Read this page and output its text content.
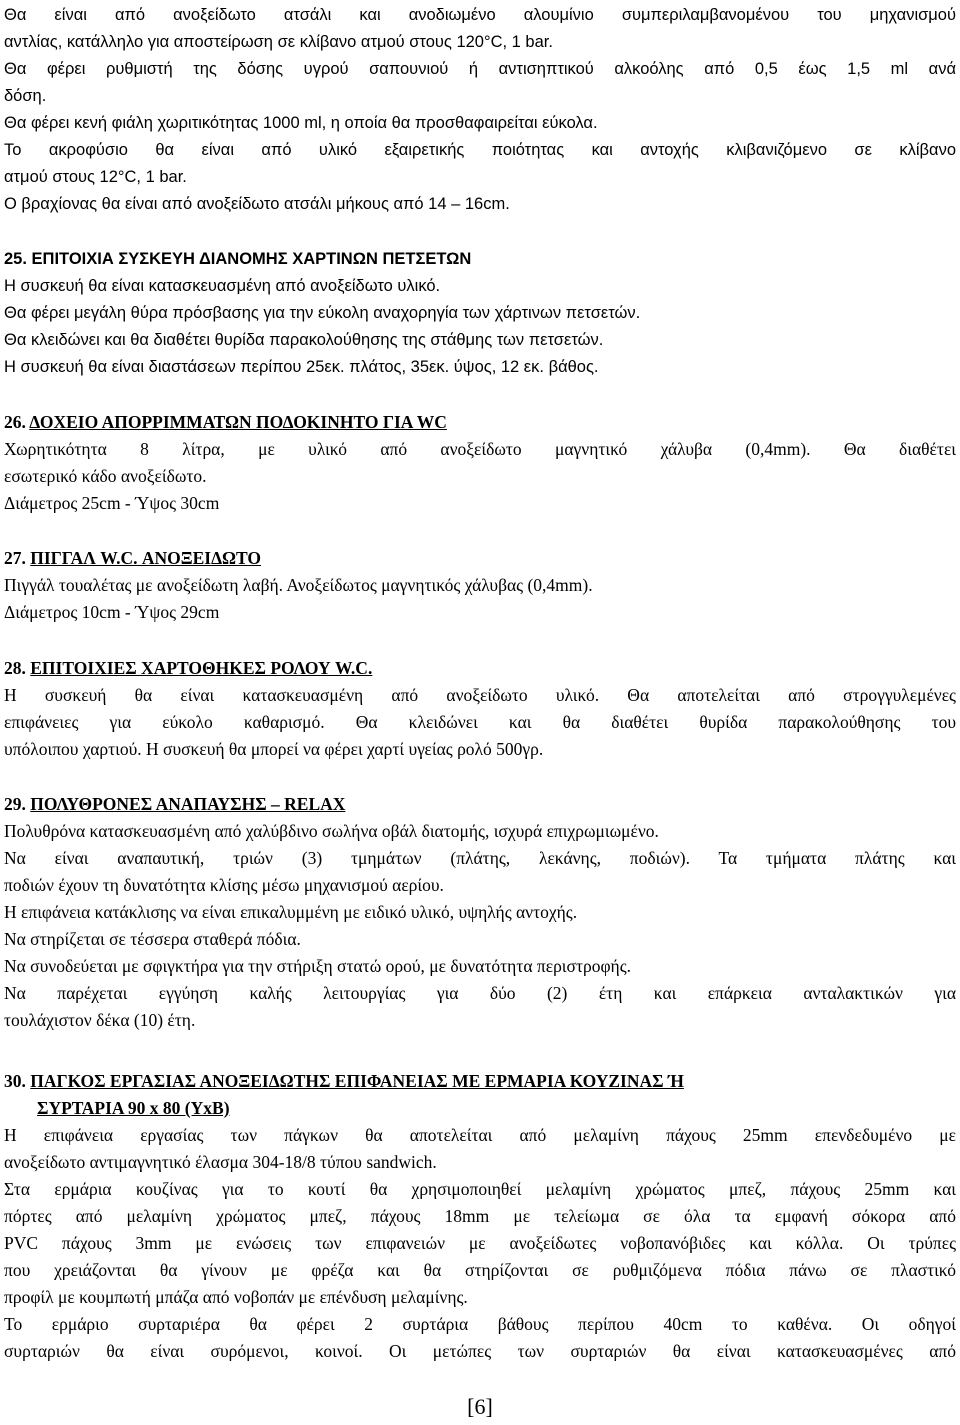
Θα είναι από ανοξείδωτο ατσάλι και ανοδιωμένο αλουμίνιο συμπεριλαμβανομένου του μηχανισμού
αντλίας, κατάλληλο για αποστείρωση σε κλίβανο ατμού στους 120°C, 1 bar.
Θα φέρει ρυθμιστή της δόσης υγρού σαπουνιού ή αντισηπτικού αλκοόλης από 0,5 έως 1,5 ml ανά
δόση.
Θα φέρει κενή φιάλη χωριτικότητας 1000 ml, η οποία θα προσθαφαιρείται εύκολα.
Το ακροφύσιο θα είναι από υλικό εξαιρετικής ποιότητας και αντοχής κλιβανιζόμενο σε κλίβανο
ατμού στους 12°C, 1 bar.
Ο βραχίονας θα είναι από ανοξείδωτο ατσάλι μήκους από 14 – 16cm.
25. ΕΠΙΤΟΙΧΙΑ ΣΥΣΚΕΥΗ ΔΙΑΝΟΜΗΣ ΧΑΡΤΙΝΩΝ ΠΕΤΣΕΤΩΝ
Η συσκευή θα είναι κατασκευασμένη από ανοξείδωτο υλικό.
Θα φέρει μεγάλη θύρα πρόσβασης για την εύκολη αναχορηγία των χάρτινων πετσετών.
Θα κλειδώνει και θα διαθέτει θυρίδα παρακολούθησης της στάθμης των πετσετών.
Η συσκευή θα είναι διαστάσεων περίπου 25εκ. πλάτος, 35εκ. ύψος, 12 εκ. βάθος.
26. ΔΟΧΕΙΟ ΑΠΟΡΡΙΜΜΑΤΩΝ ΠΟΔΟΚΙΝΗΤΟ ΓΙΑ WC
Χωρητικότητα 8 λίτρα, με υλικό από ανοξείδωτο μαγνητικό χάλυβα (0,4mm). Θα διαθέτει
εσωτερικό κάδο ανοξείδωτο.
Διάμετρος 25cm - Ύψος 30cm
27. ΠΙΓΓΑΛ W.C. ΑΝΟΞΕΙΔΩΤΟ
Πιγγάλ τουαλέτας με ανοξείδωτη λαβή. Ανοξείδωτος μαγνητικός χάλυβας (0,4mm).
Διάμετρος 10cm - Ύψος 29cm
28. ΕΠΙΤΟΙΧΙΕΣ ΧΑΡΤΟΘΗΚΕΣ ΡΟΛΟΥ W.C.
Η συσκευή θα είναι κατασκευασμένη από ανοξείδωτο υλικό. Θα αποτελείται από στρογγυλεμένες
επιφάνειες για εύκολο καθαρισμό. Θα κλειδώνει και θα διαθέτει θυρίδα παρακολούθησης του
υπόλοιπου χαρτιού. Η συσκευή θα μπορεί να φέρει χαρτί υγείας ρολό 500γρ.
29. ΠΟΛΥΘΡΟΝΕΣ ΑΝΑΠΑΥΣΗΣ – RELAX
Πολυθρόνα κατασκευασμένη από χαλύβδινο σωλήνα οβάλ διατομής, ισχυρά επιχρωμιωμένο.
Να είναι αναπαυτική, τριών (3) τμημάτων (πλάτης, λεκάνης, ποδιών). Τα τμήματα πλάτης και
ποδιών έχουν τη δυνατότητα κλίσης μέσω μηχανισμού αερίου.
Η επιφάνεια κατάκλισης να είναι επικαλυμμένη με ειδικό υλικό, υψηλής αντοχής.
Να στηρίζεται σε τέσσερα σταθερά πόδια.
Να συνοδεύεται με σφιγκτήρα για την στήριξη στατώ ορού, με δυνατότητα περιστροφής.
Να παρέχεται εγγύηση καλής λειτουργίας για δύο (2) έτη και επάρκεια ανταλακτικών για
τουλάχιστον δέκα (10) έτη.
30. ΠΑΓΚΟΣ ΕΡΓΑΣΙΑΣ ΑΝΟΞΕΙΔΩΤΗΣ ΕΠΙΦΑΝΕΙΑΣ ΜΕ ΕΡΜΑΡΙΑ ΚΟΥΖΙΝΑΣ Ή
ΣΥΡΤΑΡΙΑ 90 x 80 (ΥxΒ)
Η επιφάνεια εργασίας των πάγκων θα αποτελείται από μελαμίνη πάχους 25mm επενδεδυμένο με
ανοξείδωτο αντιμαγνητικό έλασμα 304-18/8 τύπου sandwich.
Στα ερμάρια κουζίνας για το κουτί θα χρησιμοποιηθεί μελαμίνη χρώματος μπεζ, πάχους 25mm και
πόρτες από μελαμίνη χρώματος μπεζ, πάχους 18mm με τελείωμα σε όλα τα εμφανή σόκορα από
PVC πάχους 3mm με ενώσεις των επιφανειών με ανοξείδωτες νοβοπανόβιδες και κόλλα. Οι τρύπες
που χρειάζονται θα γίνουν με φρέζα και θα στηρίζονται σε ρυθμιζόμενα πόδια πάνω σε πλαστικό
προφίλ με κουμπωτή μπάζα από νοβοπάν με επένδυση μελαμίνης.
Το ερμάριο συρταριέρα θα φέρει 2 συρτάρια βάθους περίπου 40cm το καθένα. Οι οδηγοί
συρταριών θα είναι συρόμενοι, κοινοί. Οι μετώπες των συρταριών θα είναι κατασκευασμένες από
[6]
